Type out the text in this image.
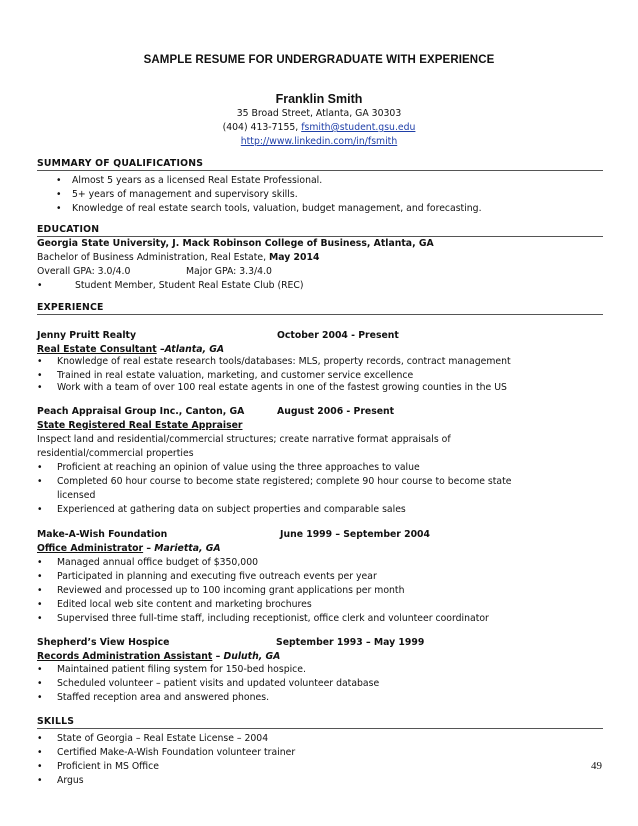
SAMPLE RESUME FOR UNDERGRADUATE WITH EXPERIENCE
Franklin Smith
35 Broad Street, Atlanta, GA 30303
(404) 413-7155, fsmith@student.gsu.edu
http://www.linkedin.com/in/fsmith
SUMMARY OF QUALIFICATIONS
• Almost 5 years as a licensed Real Estate Professional.
• 5+ years of management and supervisory skills.
• Knowledge of real estate search tools, valuation, budget management, and forecasting.
EDUCATION
Georgia State University, J. Mack Robinson College of Business, Atlanta, GA
Bachelor of Business Administration, Real Estate, May 2014
Overall GPA: 3.0/4.0	Major GPA: 3.3/4.0
•	Student Member, Student Real Estate Club (REC)
EXPERIENCE
Jenny Pruitt Realty	October 2004 - Present
Real Estate Consultant –Atlanta, GA
• Knowledge of real estate research tools/databases: MLS, property records, contract management
• Trained in real estate valuation, marketing, and customer service excellence
• Work with a team of over 100 real estate agents in one of the fastest growing counties in the US
Peach Appraisal Group Inc., Canton, GA	August 2006 - Present
State Registered Real Estate Appraiser
Inspect land and residential/commercial structures; create narrative format appraisals of
residential/commercial properties
• Proficient at reaching an opinion of value using the three approaches to value
• Completed 60 hour course to become state registered; complete 90 hour course to become state
licensed
• Experienced at gathering data on subject properties and comparable sales
Make-A-Wish Foundation	June 1999 – September 2004
Office Administrator – Marietta, GA
• Managed annual office budget of $350,000
• Participated in planning and executing five outreach events per year
• Reviewed and processed up to 100 incoming grant applications per month
• Edited local web site content and marketing brochures
• Supervised three full-time staff, including receptionist, office clerk and volunteer coordinator
Shepherd’s View Hospice	September 1993 – May 1999
Records Administration Assistant – Duluth, GA
• Maintained patient filing system for 150-bed hospice.
• Scheduled volunteer – patient visits and updated volunteer database
• Staffed reception area and answered phones.
SKILLS
• State of Georgia – Real Estate License – 2004
• Certified Make-A-Wish Foundation volunteer trainer
• Proficient in MS Office
• Argus
49
